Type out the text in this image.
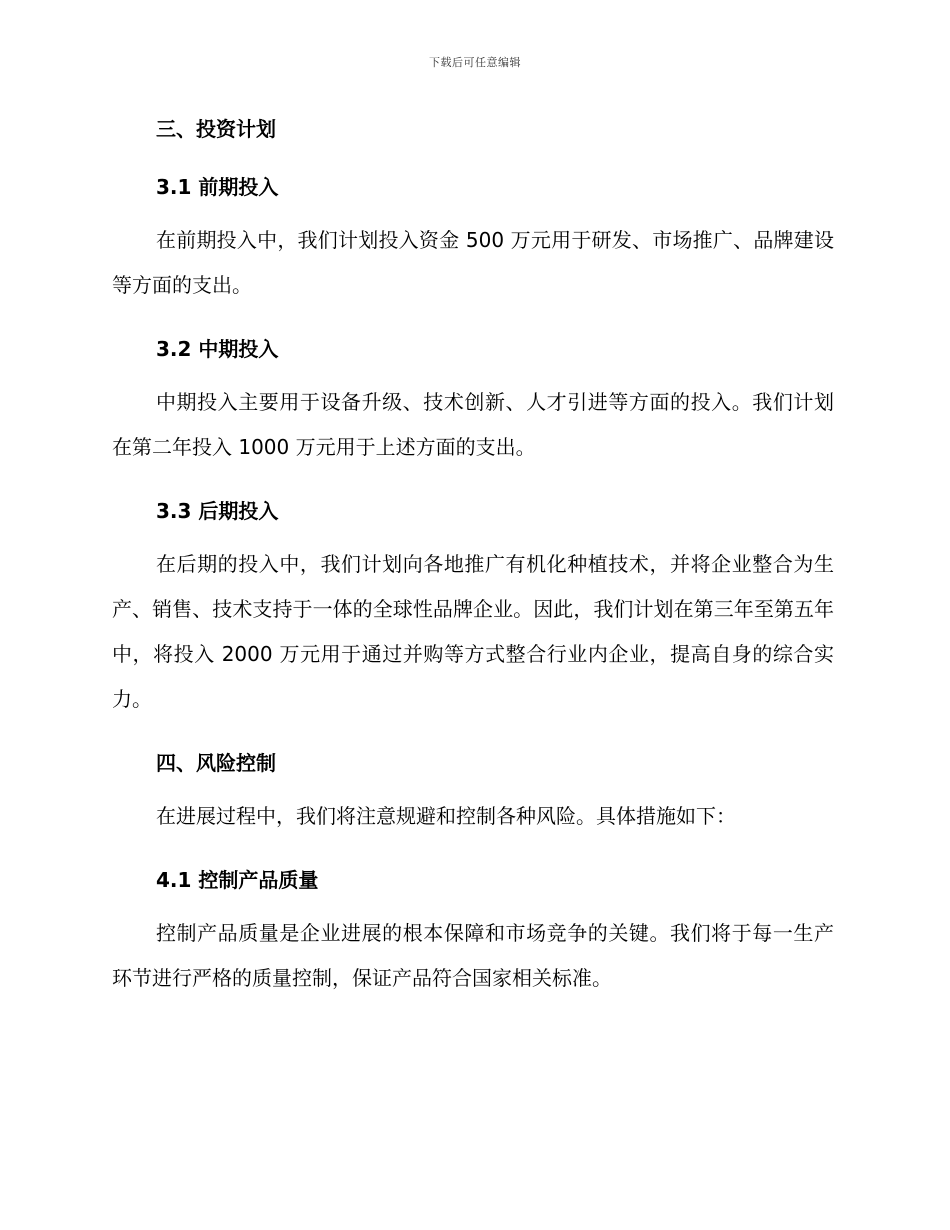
下载后可任意编辑
三、投资计划
3.1 前期投入

在前期投入中，我们计划投入资金 500 万元用于研发、市场推广、品牌建设等方面的支出。

3.2 中期投入

中期投入主要用于设备升级、技术创新、人才引进等方面的投入。我们计划在第二年投入 1000 万元用于上述方面的支出。

3.3 后期投入

在后期的投入中，我们计划向各地推广有机化种植技术，并将企业整合为生产、销售、技术支持于一体的全球性品牌企业。因此，我们计划在第三年至第五年中，将投入 2000 万元用于通过并购等方式整合行业内企业，提高自身的综合实力。

四、风险控制

在进展过程中，我们将注意规避和控制各种风险。具体措施如下：

4.1 控制产品质量

控制产品质量是企业进展的根本保障和市场竞争的关键。我们将于每一生产环节进行严格的质量控制，保证产品符合国家相关标准。
